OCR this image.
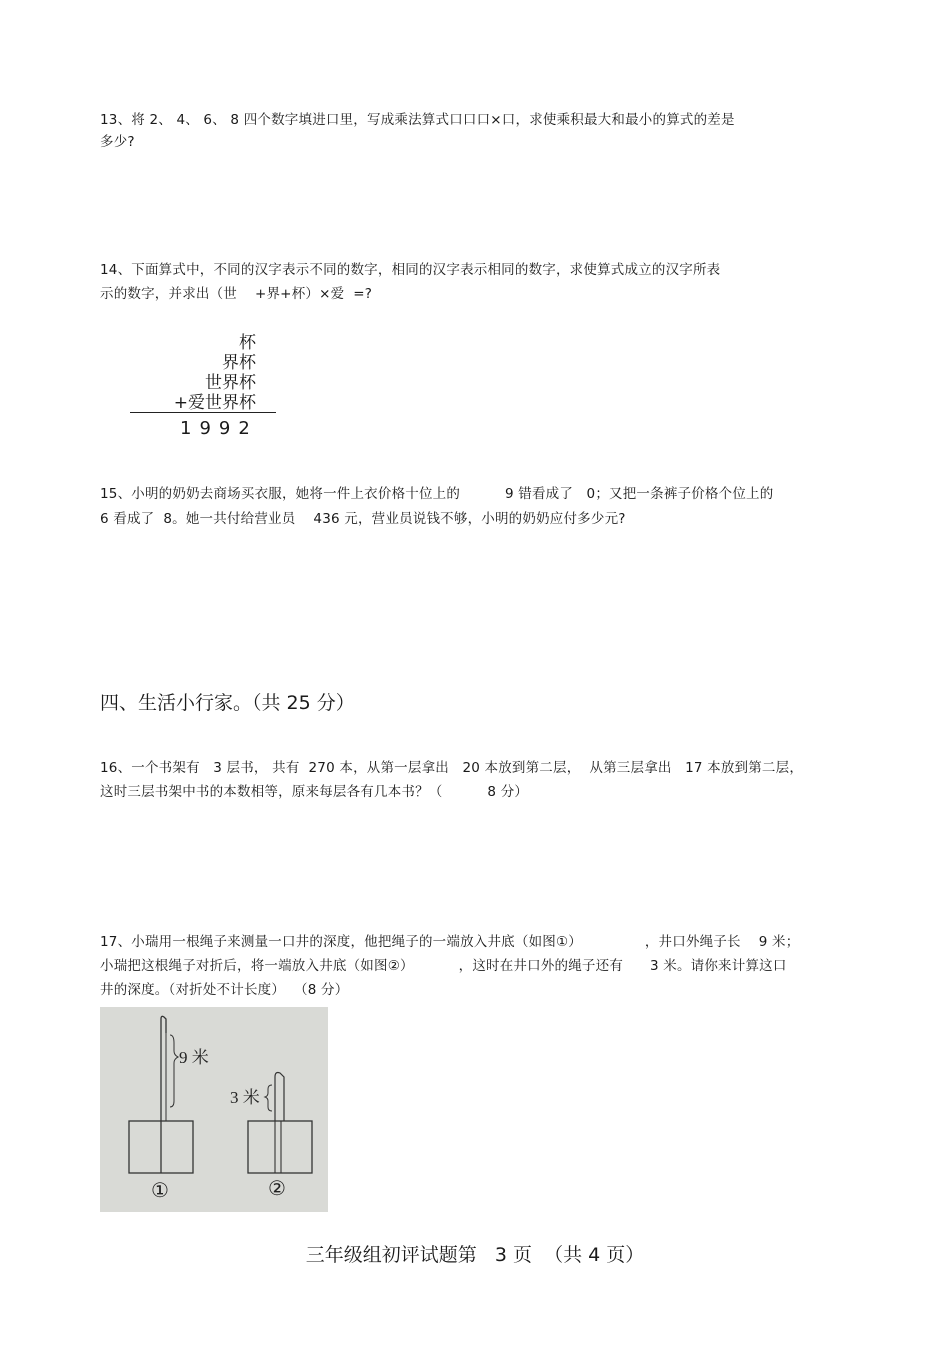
13、将 2、 4、 6、 8 四个数字填进口里，写成乘法算式口口口×口，求使乘积最大和最小的算式的差是
多少?
14、下面算式中，不同的汉字表示不同的数字，相同的汉字表示相同的数字，求使算式成立的汉字所表
示的数字，并求出（世    +界+杯）×爱  =?
杯
界杯
世界杯
+爱世界杯
1992
15、小明的奶奶去商场买衣服，她将一件上衣价格十位上的          9 错看成了   0；又把一条裤子价格个位上的
6 看成了  8。她一共付给营业员    436 元，营业员说钱不够，小明的奶奶应付多少元?
四、生活小行家。（共 25 分）
16、一个书架有   3 层书， 共有  270 本，从第一层拿出   20 本放到第二层，  从第三层拿出   17 本放到第二层，
这时三层书架中书的本数相等，原来每层各有几本书？（          8 分）
17、小瑞用一根绳子来测量一口井的深度，他把绳子的一端放入井底（如图①）              ，井口外绳子长    9 米；
小瑞把这根绳子对折后，将一端放入井底（如图②）          ，这时在井口外的绳子还有      3 米。请你来计算这口
井的深度。（对折处不计长度）  （8 分）
9 米
①
3 米
②
三年级组初评试题第   3 页  （共 4 页）
